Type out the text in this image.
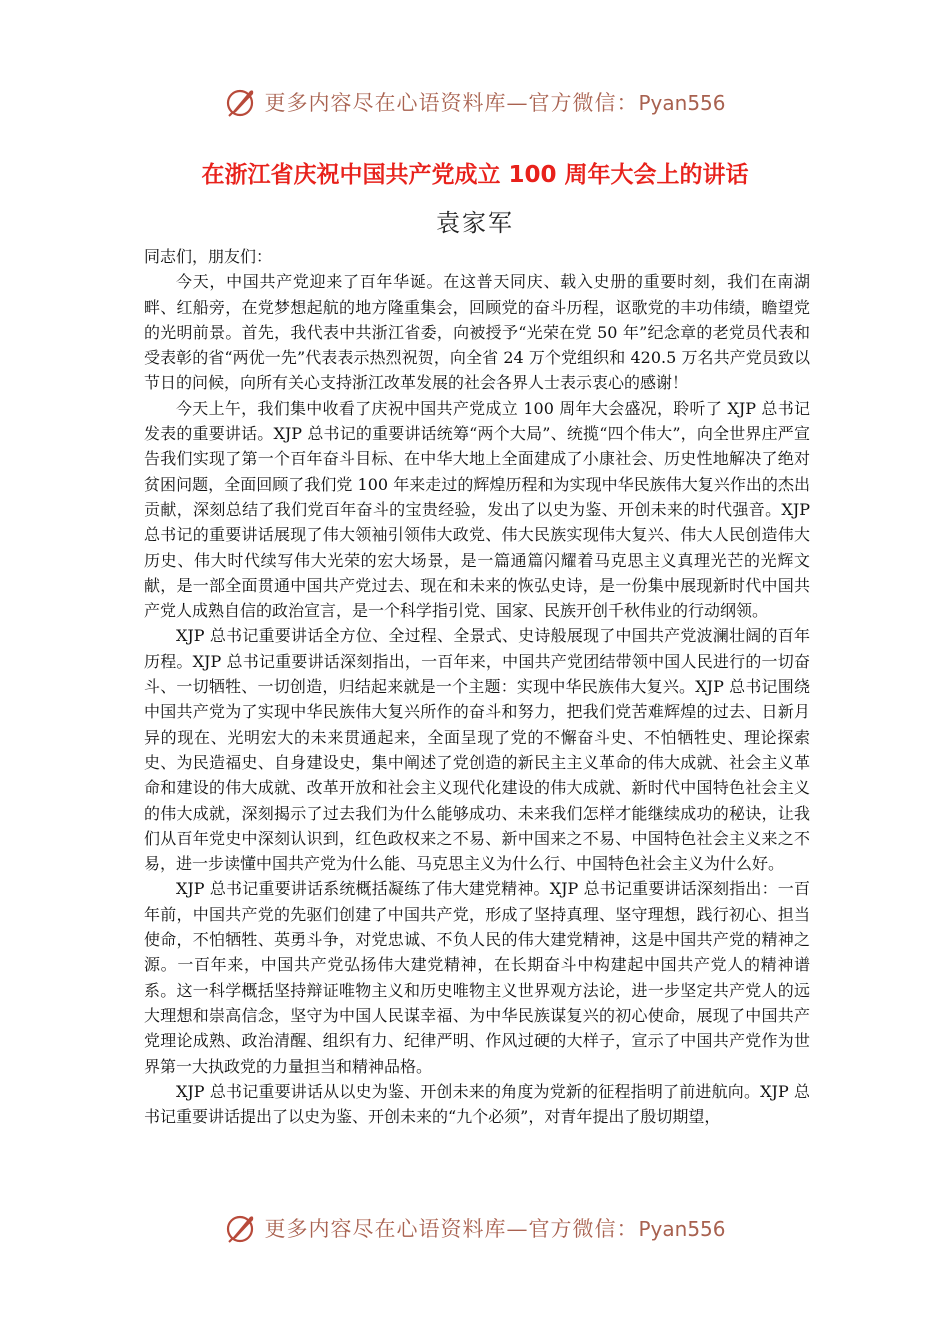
更多内容尽在心语资料库—官方微信：Pyan556
在浙江省庆祝中国共产党成立 100 周年大会上的讲话
袁家军

同志们，朋友们：

今天，中国共产党迎来了百年华诞。在这普天同庆、载入史册的重要时刻，我们在南湖畔、红船旁，在党梦想起航的地方隆重集会，回顾党的奋斗历程，讴歌党的丰功伟绩，瞻望党的光明前景。首先，我代表中共浙江省委，向被授予“光荣在党 50 年”纪念章的老党员代表和受表彰的省“两优一先”代表表示热烈祝贺，向全省 24 万个党组织和 420.5 万名共产党员致以节日的问候，向所有关心支持浙江改革发展的社会各界人士表示衷心的感谢！

今天上午，我们集中收看了庆祝中国共产党成立 100 周年大会盛况，聆听了 XJP 总书记发表的重要讲话。XJP 总书记的重要讲话统筹“两个大局”、统揽“四个伟大”，向全世界庄严宣告我们实现了第一个百年奋斗目标、在中华大地上全面建成了小康社会、历史性地解决了绝对贫困问题，全面回顾了我们党 100 年来走过的辉煌历程和为实现中华民族伟大复兴作出的杰出贡献，深刻总结了我们党百年奋斗的宝贵经验，发出了以史为鉴、开创未来的时代强音。XJP 总书记的重要讲话展现了伟大领袖引领伟大政党、伟大民族实现伟大复兴、伟大人民创造伟大历史、伟大时代续写伟大光荣的宏大场景，是一篇通篇闪耀着马克思主义真理光芒的光辉文献，是一部全面贯通中国共产党过去、现在和未来的恢弘史诗，是一份集中展现新时代中国共产党人成熟自信的政治宣言，是一个科学指引党、国家、民族开创千秋伟业的行动纲领。

XJP 总书记重要讲话全方位、全过程、全景式、史诗般展现了中国共产党波澜壮阔的百年历程。XJP 总书记重要讲话深刻指出，一百年来，中国共产党团结带领中国人民进行的一切奋斗、一切牺牲、一切创造，归结起来就是一个主题：实现中华民族伟大复兴。XJP 总书记围绕中国共产党为了实现中华民族伟大复兴所作的奋斗和努力，把我们党苦难辉煌的过去、日新月异的现在、光明宏大的未来贯通起来，全面呈现了党的不懈奋斗史、不怕牺牲史、理论探索史、为民造福史、自身建设史，集中阐述了党创造的新民主主义革命的伟大成就、社会主义革命和建设的伟大成就、改革开放和社会主义现代化建设的伟大成就、新时代中国特色社会主义的伟大成就，深刻揭示了过去我们为什么能够成功、未来我们怎样才能继续成功的秘诀，让我们从百年党史中深刻认识到，红色政权来之不易、新中国来之不易、中国特色社会主义来之不易，进一步读懂中国共产党为什么能、马克思主义为什么行、中国特色社会主义为什么好。

XJP 总书记重要讲话系统概括凝练了伟大建党精神。XJP 总书记重要讲话深刻指出：一百年前，中国共产党的先驱们创建了中国共产党，形成了坚持真理、坚守理想，践行初心、担当使命，不怕牺牲、英勇斗争，对党忠诚、不负人民的伟大建党精神，这是中国共产党的精神之源。一百年来，中国共产党弘扬伟大建党精神，在长期奋斗中构建起中国共产党人的精神谱系。这一科学概括坚持辩证唯物主义和历史唯物主义世界观方法论，进一步坚定共产党人的远大理想和崇高信念，坚守为中国人民谋幸福、为中华民族谋复兴的初心使命，展现了中国共产党理论成熟、政治清醒、组织有力、纪律严明、作风过硬的大样子，宣示了中国共产党作为世界第一大执政党的力量担当和精神品格。

XJP 总书记重要讲话从以史为鉴、开创未来的角度为党新的征程指明了前进航向。XJP 总书记重要讲话提出了以史为鉴、开创未来的“九个必须”，对青年提出了殷切期望，

更多内容尽在心语资料库—官方微信：Pyan556
